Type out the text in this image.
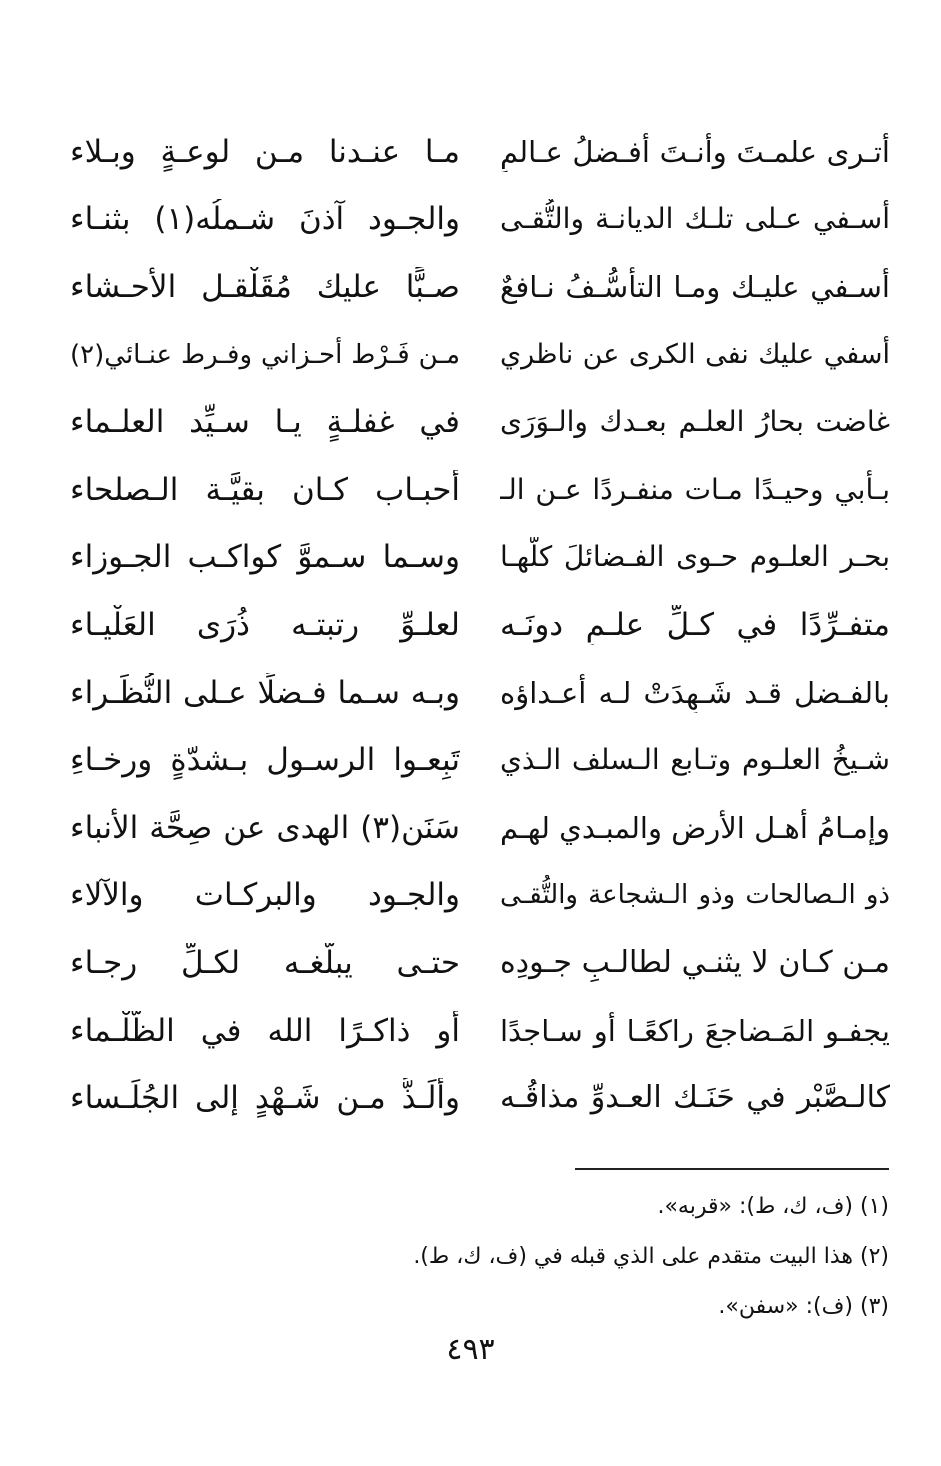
أتـرى علمـتَ وأنـتَ أفـضلُ عـالمٍ
مـا عنـدنا مـن لوعـةٍ وبـلاء
أسـفي عـلى تلـك الديانـة والتُّقـى
والجـود آذنَ شـملُه(١) بثنـاء
أسـفي عليـك ومـا التأسُّـفُ نـافعٌ
صـبًّا عليك مُقَلْقـل الأحـشاء
أسفي عليك نفى الكرى عن ناظري
مـن فَـرْط أحـزاني وفـرط عنـائي(٢)
غاضت بحارُ العلـم بعـدك والـوَرَى
في غفلـةٍ يـا سـيِّد العلـماء
بـأبي وحيـدًا مـات منفـردًا عـن الـ
أحبـاب كـان بقيَّـة الـصلحاء
بحـر العلـوم حـوى الفـضائلَ كلَّهـا
وسـما سـموَّ كواكـب الجـوزاء
متفـرِّدًا في كـلِّ علـمٍ دونَـه
لعلـوِّ رتبتـه ذُرَى العَلْيـاء
بالفـضل قـد شَـهِدَتْ لـه أعـداؤه
وبـه سـما فـضلًا عـلى النُّظَـراء
شـيخُ العلـوم وتـابع الـسلف الـذي
تَبِعـوا الرسـول بـشدّةٍ ورخـاءِ
وإمـامُ أهـل الأرض والمبـدي لهـم
سَنَن(٣) الهدى عن صِحَّة الأنباء
ذو الـصالحات وذو الـشجاعة والتُّقـى
والجـود والبركـات والآلاء
مـن كـان لا يثنـي لطالـبِ جـودِه
حتـى يبلّغـه لكـلِّ رجـاء
يجفـو المَـضاجعَ راكعًـا أو سـاجدًا
أو ذاكـرًا الله في الظَّلْـماء
كالـصَّبْر في حَنَـك العـدوِّ مذاقُـه
وألَـذُّ مـن شَـهْدٍ إلى الجُلَـساء
(١) (ف، ك، ط): «قربه».
(٢) هذا البيت متقدم على الذي قبله في (ف، ك، ط).
(٣) (ف): «سفن».
٤٩٣
